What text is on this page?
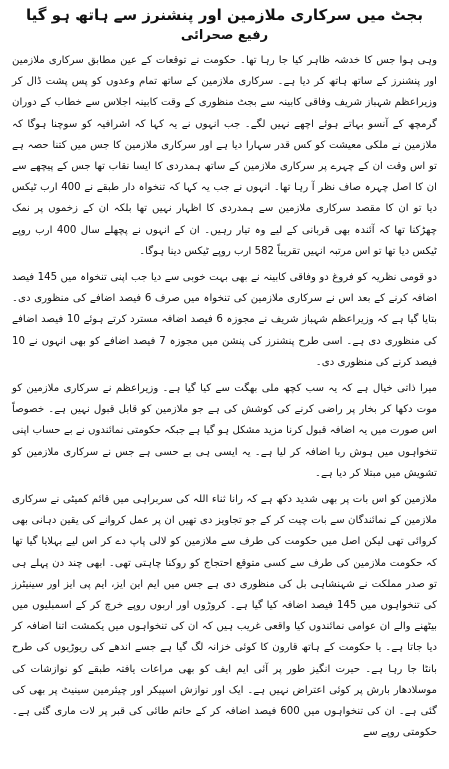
بجٹ میں سرکاری ملازمین اور پنشنرز سے ہاتھ ہو گیا
رفیع صحرائی

وہی ہوا جس کا خدشہ ظاہر کیا جا رہا تھا۔ حکومت نے توقعات کے عین مطابق سرکاری ملازمین اور پنشنرز کے ساتھ ہاتھ کر دیا ہے۔ سرکاری ملازمین کے ساتھ تمام وعدوں کو پس پشت ڈال کر وزیراعظم شہباز شریف وفاقی کابینہ سے بجٹ منظوری کے وقت کابینہ اجلاس سے خطاب کے دوران گرمچھ کے آنسو بہاتے ہوئے اچھے نہیں لگے۔ جب انہوں نے یہ کہا کہ اشرافیہ کو سوچنا ہوگا کہ ملازمین نے ملکی معیشت کو کس قدر سہارا دیا ہے اور سرکاری ملازمین کا جس میں کتنا حصہ ہے تو اس وقت ان کے چہرے پر سرکاری ملازمین کے ساتھ ہمدردی کا ایسا نقاب تھا جس کے پیچھے سے ان کا اصل چہرہ صاف نظر آ رہا تھا۔ انہوں نے جب یہ کہا کہ تنخواہ دار طبقے نے 400 ارب ٹیکس دیا تو ان کا مقصد سرکاری ملازمین سے ہمدردی کا اظہار نہیں تھا بلکہ ان کے زخموں پر نمک چھڑکنا تھا کہ آئندہ بھی قربانی کے لیے وہ تیار رہیں۔ ان کے انہوں نے پچھلے سال 400 ارب روپے ٹیکس دیا تھا تو اس مرتبہ انہیں تقریباً 582 ارب روپے ٹیکس دینا ہوگا۔

دو قومی نظریہ کو فروغ دو وفاقی کابینہ نے بھی بہت خوبی سے دیا جب اپنی تنخواہ میں 145 فیصد اضافہ کرنے کے بعد اس نے سرکاری ملازمین کی تنخواہ میں صرف 6 فیصد اضافے کی منظوری دی۔ بتایا گیا ہے کہ وزیراعظم شہباز شریف نے مجوزہ 6 فیصد اضافہ مسترد کرتے ہوئے 10 فیصد اضافے کی منظوری دی ہے۔ اسی طرح پنشنرز کی پنشن میں مجوزہ 7 فیصد اضافے کو بھی انہوں نے 10 فیصد کرنے کی منظوری دی۔

میرا ذاتی خیال ہے کہ یہ سب کچھ ملی بھگت سے کیا گیا ہے۔ وزیراعظم نے سرکاری ملازمین کو موت دکھا کر بخار پر راضی کرنے کی کوشش کی ہے جو ملازمین کو قابل قبول نہیں ہے۔ خصوصاً اس صورت میں یہ اضافہ قبول کرنا مزید مشکل ہو گیا ہے جبکہ حکومتی نمائندوں نے بے حساب اپنی تنخواہوں میں ہوش ربا اضافہ کر لیا ہے۔ یہ ایسی ہی بے حسی ہے جس نے سرکاری ملازمین کو تشویش میں مبتلا کر دیا ہے۔

ملازمین کو اس بات پر بھی شدید دکھ ہے کہ رانا ثناء اللہ کی سربراہی میں قائم کمیٹی نے سرکاری ملازمین کے نمائندگان سے بات چیت کر کے جو تجاویز دی تھیں ان پر عمل کروانے کی یقین دہانی بھی کروائی تھی لیکن اصل میں حکومت کی طرف سے ملازمین کو لالی پاپ دے کر اس لیے بہلایا گیا تھا کہ حکومت ملازمین کی طرف سے کسی متوقع احتجاج کو روکنا چاہتی تھی۔ ابھی چند دن پہلے ہی تو صدر مملکت نے شہنشاہی بل کی منظوری دی ہے جس میں ایم این ایز، ایم پی ایز اور سینیٹرز کی تنخواہوں میں 145 فیصد اضافہ کیا گیا ہے۔ کروڑوں اور اربوں روپے خرچ کر کے اسمبلیوں میں بیٹھنے والے ان عوامی نمائندوں کیا واقعی غریب ہیں کہ ان کی تنخواہوں میں یکمشت اتنا اضافہ کر دیا جاتا ہے۔ یا حکومت کے ہاتھ قارون کا کوئی خزانہ لگ گیا ہے جسے اندھے کی ریوڑیوں کی طرح بانٹا جا رہا ہے۔ حیرت انگیز طور پر آئی ایم ایف کو بھی مراعات یافتہ طبقے کو نوازشات کی موسلادھار بارش پر کوئی اعتراض نہیں ہے۔ ایک اور نوازش اسپیکر اور چیئرمین سینیٹ پر بھی کی گئی ہے۔ ان کی تنخواہوں میں 600 فیصد اضافہ کر کے حاتم طائی کی قبر پر لات ماری گئی ہے۔ حکومتی روپے سے
